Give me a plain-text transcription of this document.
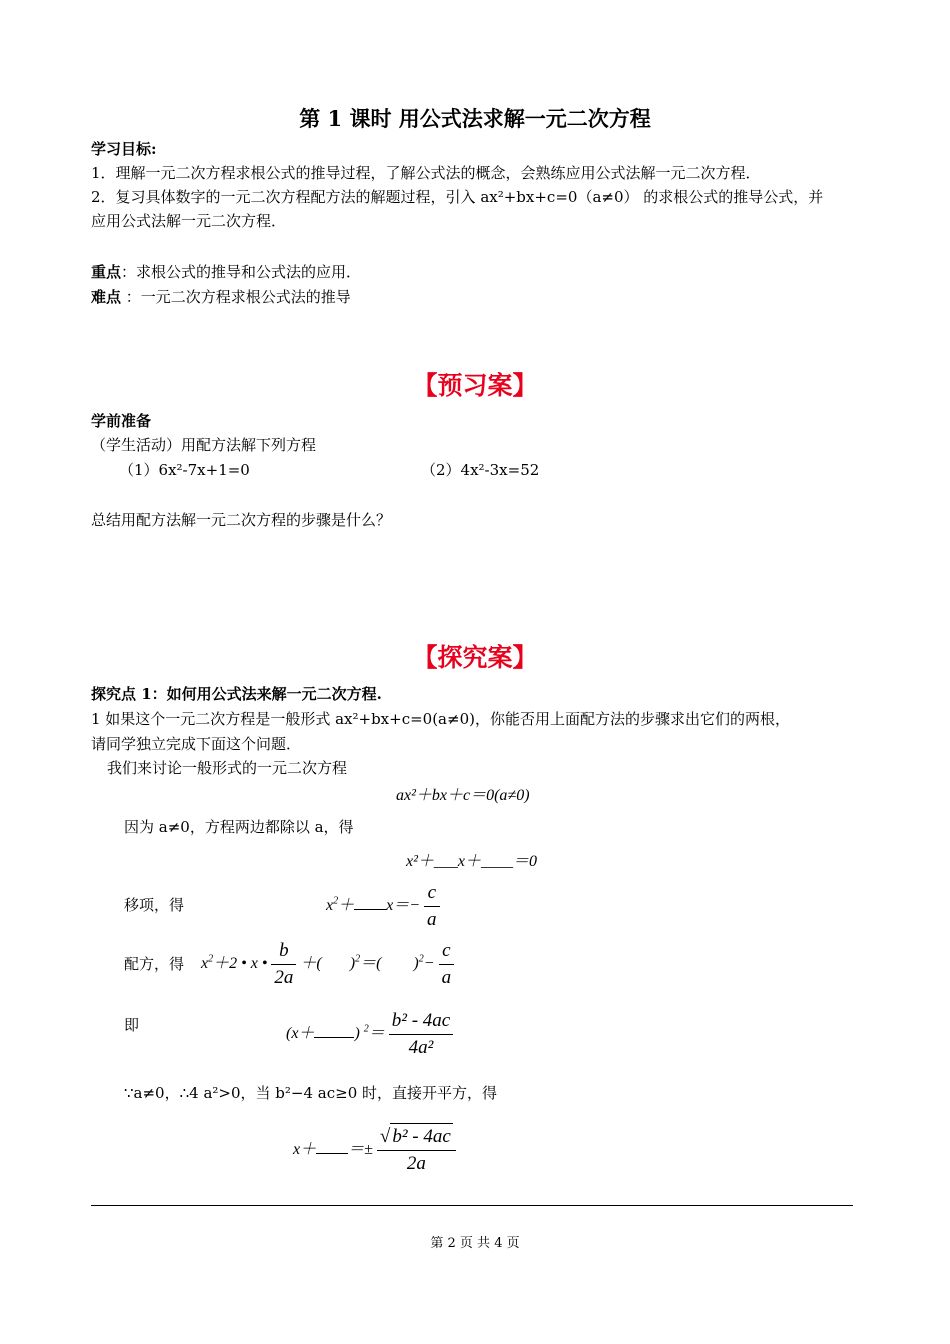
第 1 课时 用公式法求解一元二次方程
学习目标:
1．理解一元二次方程求根公式的推导过程，了解公式法的概念，会熟练应用公式法解一元二次方程．
2．复习具体数字的一元二次方程配方法的解题过程，引入 ax²+bx+c=0（a≠0） 的求根公式的推导公式，并
应用公式法解一元二次方程．
重点：求根公式的推导和公式法的应用．
难点 ：一元二次方程求根公式法的推导
【预习案】
学前准备
（学生活动）用配方法解下列方程
（1）6x²-7x+1=0	（2）4x²-3x=52
总结用配方法解一元二次方程的步骤是什么？
【探究案】
探究点 1：如何用公式法来解一元二次方程.
1 如果这个一元二次方程是一般形式 ax²+bx+c=0(a≠0)，你能否用上面配方法的步骤求出它们的两根，
请同学独立完成下面这个问题．
我们来讨论一般形式的一元二次方程
ax²＋bx＋c＝0(a≠0)
因为 a≠0，方程两边都除以 a，得
x²＋___x＋____＝0
移项，得	$x^2+ x=- \frac{c}{a}$
配方，得 $x^2+2$ • x • $\frac{b}{2a}$ ＋(       )$^2$＝(        )$^2- \frac{c}{a}$
即	(x＋	) $^2= \frac{\text{b² - 4ac}}{\text{4a²}}$
∵a≠0，∴4 a²>0，当 b²−4 ac≥0 时，直接开平方，得
$x+ =\pm \frac{\text{√ b² - 4ac}}{2a}$
第 2 页 共 4 页
